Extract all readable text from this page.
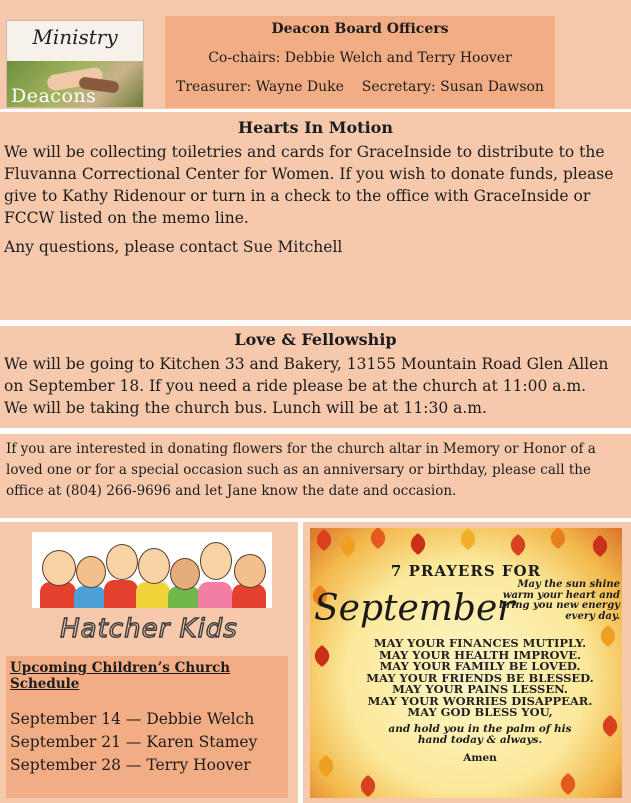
Ministry
Deacons
Deacon Board Officers
Co-chairs: Debbie Welch and Terry Hoover
Treasurer: Wayne Duke    Secretary: Susan Dawson
Hearts In Motion
We will be collecting toiletries and cards for GraceInside to distribute to the Fluvanna Correctional Center for Women. If you wish to donate funds, please give to Kathy Ridenour or turn in a check to the office with GraceInside or FCCW listed on the memo line.
Any questions, please contact Sue Mitchell
Love & Fellowship
We will be going to Kitchen 33 and Bakery, 13155 Mountain Road Glen Allen on September 18. If you need a ride please be at the church at 11:00 a.m.
We will be taking the church bus. Lunch will be at 11:30 a.m.
If you are interested in donating flowers for the church altar in Memory or Honor of a loved one or for a special occasion such as an anniversary or birthday, please call the office at (804) 266-9696 and let Jane know the date and occasion.
Hatcher Kids
Upcoming Children’s Church Schedule
September 14 — Debbie Welch
September 21 — Karen Stamey
September 28 — Terry Hoover
7 PRAYERS FOR
May the sun shine
warm your heart and
bring you new energy
every day.
September
MAY YOUR FINANCES MUTIPLY.
MAY YOUR HEALTH IMPROVE.
MAY YOUR FAMILY BE LOVED.
MAY YOUR FRIENDS BE BLESSED.
MAY YOUR PAINS LESSEN.
MAY YOUR WORRIES DISAPPEAR.
MAY GOD BLESS YOU,
and hold you in the palm of his
hand today & always.
Amen
